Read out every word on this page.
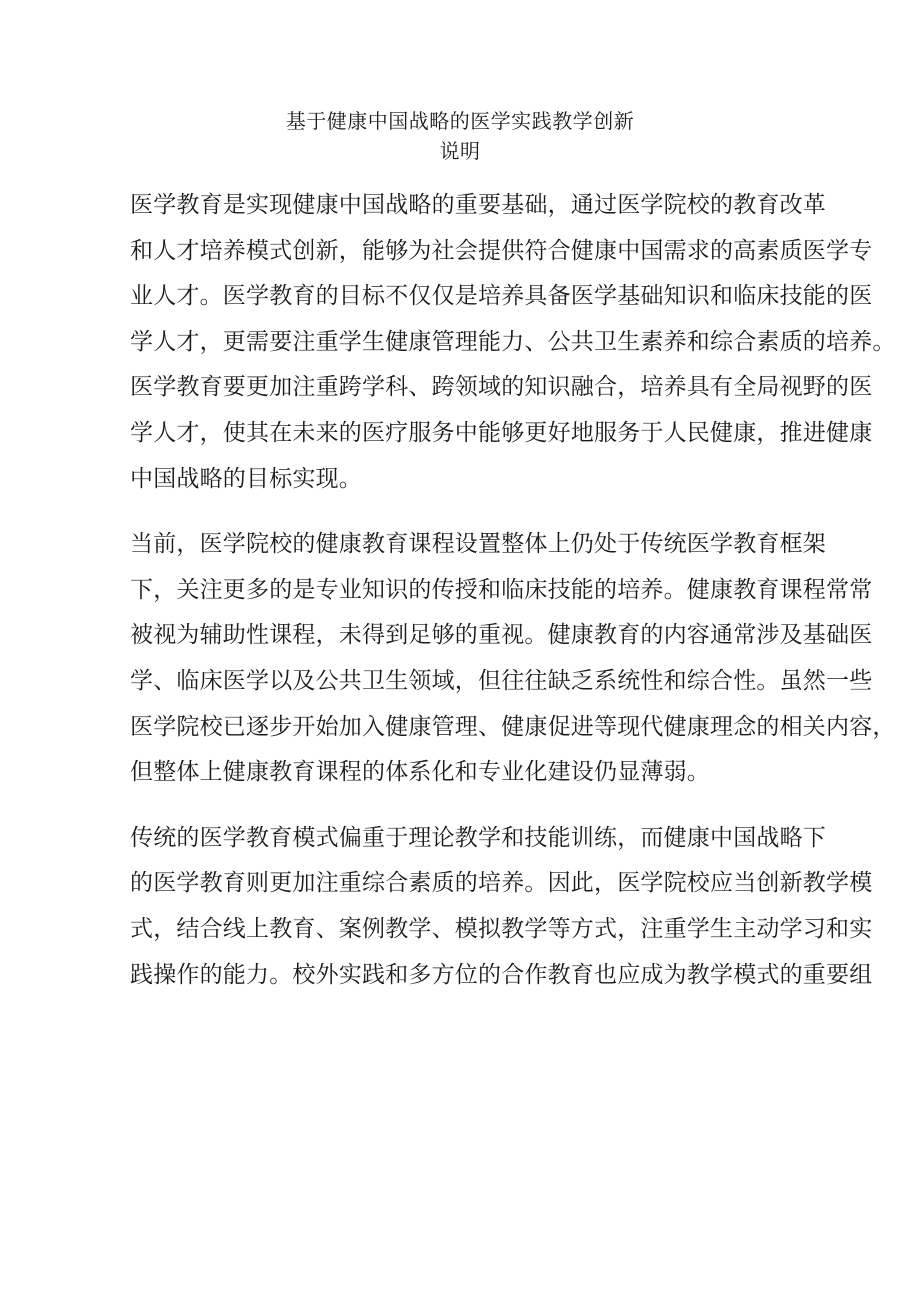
基于健康中国战略的医学实践教学创新
说明

医学教育是实现健康中国战略的重要基础，通过医学院校的教育改革
和人才培养模式创新，能够为社会提供符合健康中国需求的高素质医学专
业人才。医学教育的目标不仅仅是培养具备医学基础知识和临床技能的医
学人才，更需要注重学生健康管理能力、公共卫生素养和综合素质的培养。
医学教育要更加注重跨学科、跨领域的知识融合，培养具有全局视野的医
学人才，使其在未来的医疗服务中能够更好地服务于人民健康，推进健康
中国战略的目标实现。

当前，医学院校的健康教育课程设置整体上仍处于传统医学教育框架
下，关注更多的是专业知识的传授和临床技能的培养。健康教育课程常常
被视为辅助性课程，未得到足够的重视。健康教育的内容通常涉及基础医
学、临床医学以及公共卫生领域，但往往缺乏系统性和综合性。虽然一些
医学院校已逐步开始加入健康管理、健康促进等现代健康理念的相关内容，
但整体上健康教育课程的体系化和专业化建设仍显薄弱。

传统的医学教育模式偏重于理论教学和技能训练，而健康中国战略下
的医学教育则更加注重综合素质的培养。因此，医学院校应当创新教学模
式，结合线上教育、案例教学、模拟教学等方式，注重学生主动学习和实
践操作的能力。校外实践和多方位的合作教育也应成为教学模式的重要组
